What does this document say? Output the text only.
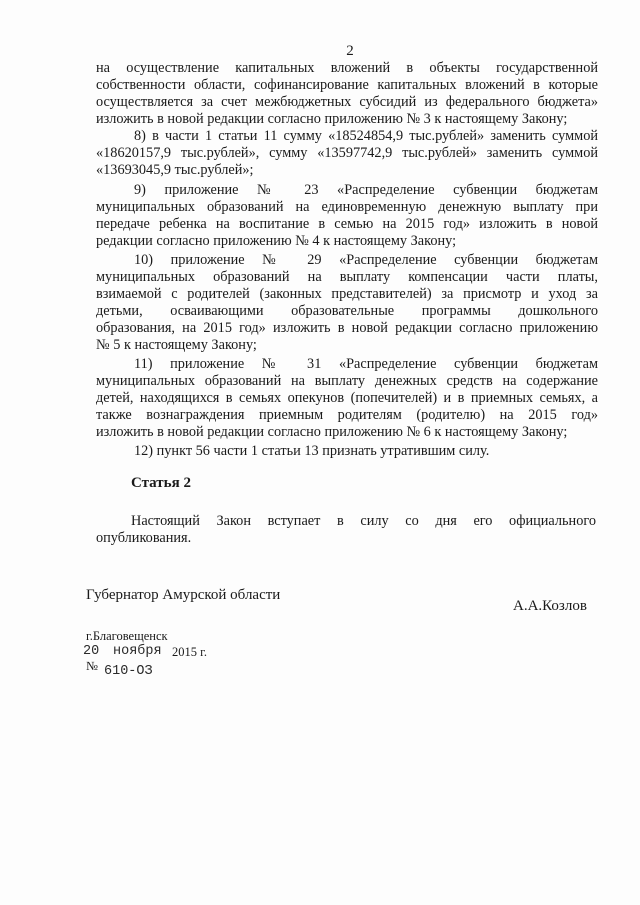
2
на осуществление капитальных вложений в объекты государственной
собственности области, софинансирование капитальных вложений в которые
осуществляется за счет межбюджетных субсидий из федерального бюджета»
изложить в новой редакции согласно приложению № 3 к настоящему Закону;
8) в части 1 статьи 11 сумму «18524854,9 тыс.рублей» заменить суммой
«18620157,9 тыс.рублей», сумму «13597742,9 тыс.рублей» заменить суммой
«13693045,9 тыс.рублей»;
9) приложение № 23 «Распределение субвенции бюджетам
муниципальных образований на единовременную денежную выплату при
передаче ребенка на воспитание в семью на 2015 год» изложить в новой
редакции согласно приложению № 4 к настоящему Закону;
10) приложение № 29 «Распределение субвенции бюджетам
муниципальных образований на выплату компенсации части платы,
взимаемой с родителей (законных представителей) за присмотр и уход за
детьми, осваивающими образовательные программы дошкольного
образования, на 2015 год» изложить в новой редакции согласно приложению
№ 5 к настоящему Закону;
11) приложение № 31 «Распределение субвенции бюджетам
муниципальных образований на выплату денежных средств на содержание
детей, находящихся в семьях опекунов (попечителей) и в приемных семьях, а
также вознаграждения приемным родителям (родителю) на 2015 год»
изложить в новой редакции согласно приложению № 6 к настоящему Закону;
12) пункт 56 части 1 статьи 13 признать утратившим силу.
Статья 2
Настоящий Закон вступает в силу со дня его официального
опубликования.
Губернатор Амурской области
А.А.Козлов
г.Благовещенск
20 ноября 2015 г.
№ 610-ОЗ
